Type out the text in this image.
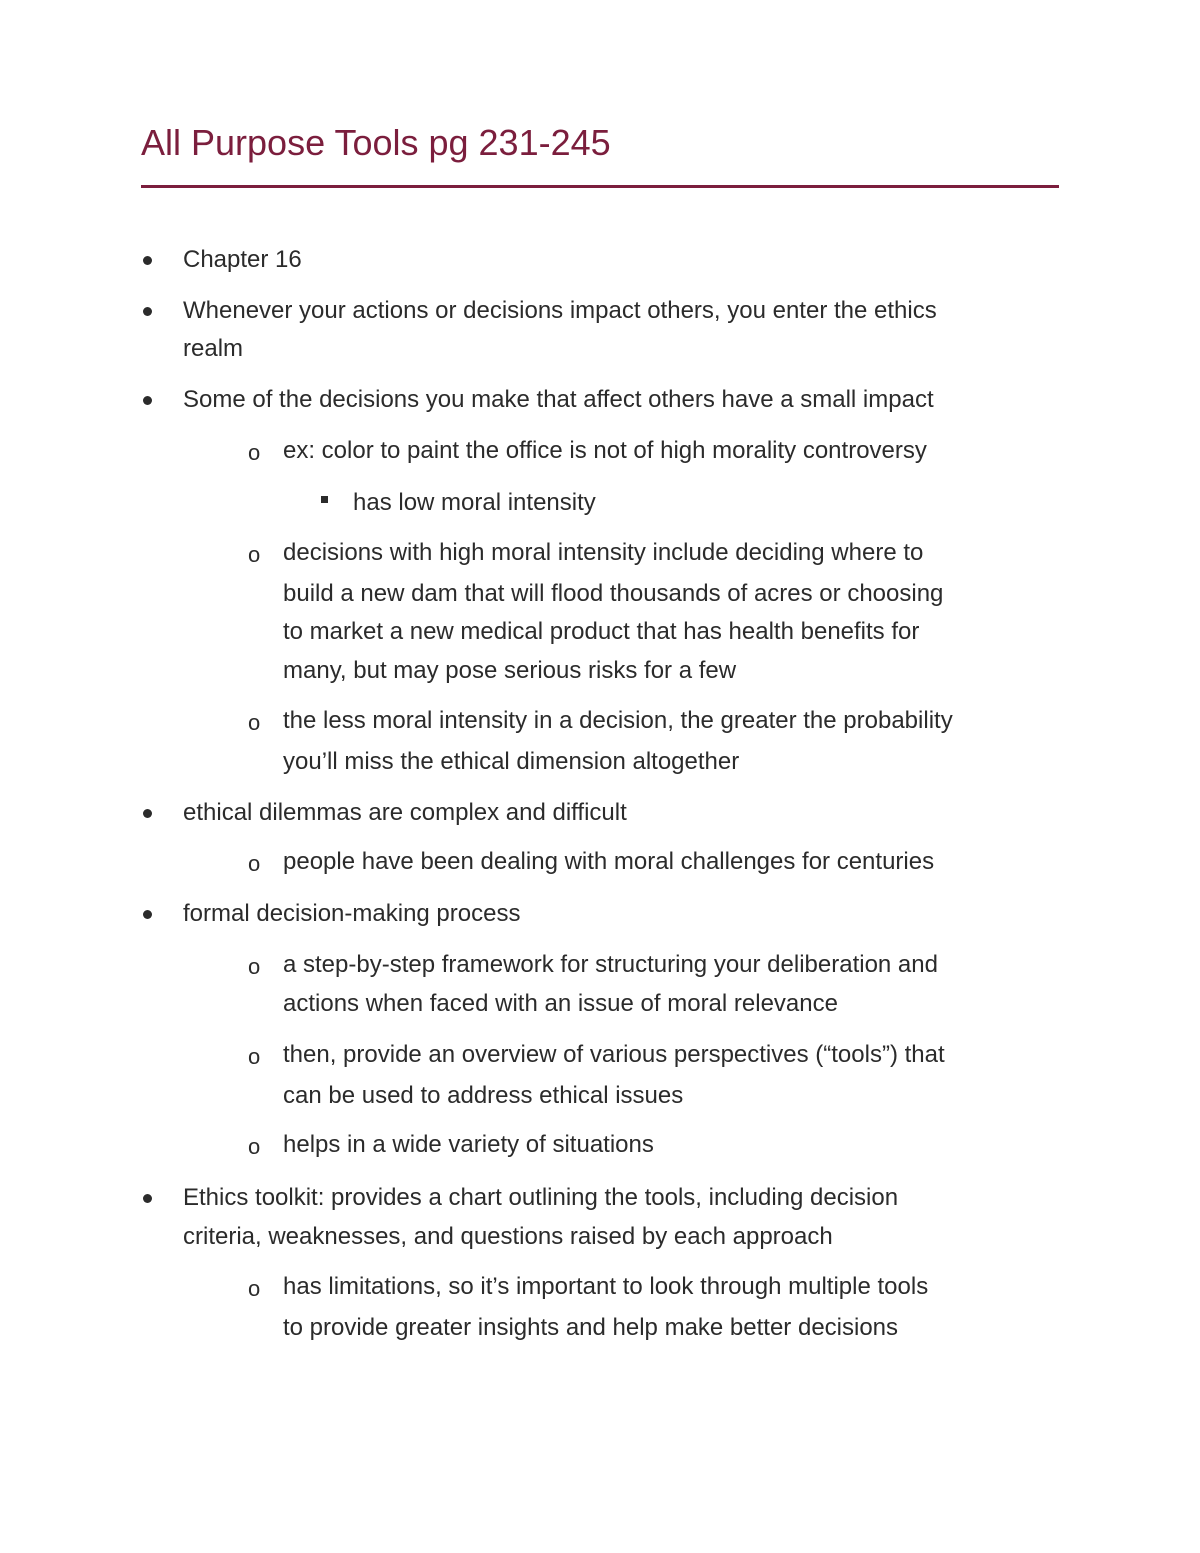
All Purpose Tools pg 231-245
Chapter 16
Whenever your actions or decisions impact others, you enter the ethics
realm
Some of the decisions you make that affect others have a small impact
o ex: color to paint the office is not of high morality controversy
has low moral intensity
o decisions with high moral intensity include deciding where to
build a new dam that will flood thousands of acres or choosing
to market a new medical product that has health benefits for
many, but may pose serious risks for a few
o the less moral intensity in a decision, the greater the probability
you’ll miss the ethical dimension altogether
ethical dilemmas are complex and difficult
o people have been dealing with moral challenges for centuries
formal decision-making process
o a step-by-step framework for structuring your deliberation and
actions when faced with an issue of moral relevance
o then, provide an overview of various perspectives (“tools”) that
can be used to address ethical issues
o helps in a wide variety of situations
Ethics toolkit: provides a chart outlining the tools, including decision
criteria, weaknesses, and questions raised by each approach
o has limitations, so it’s important to look through multiple tools
to provide greater insights and help make better decisions
